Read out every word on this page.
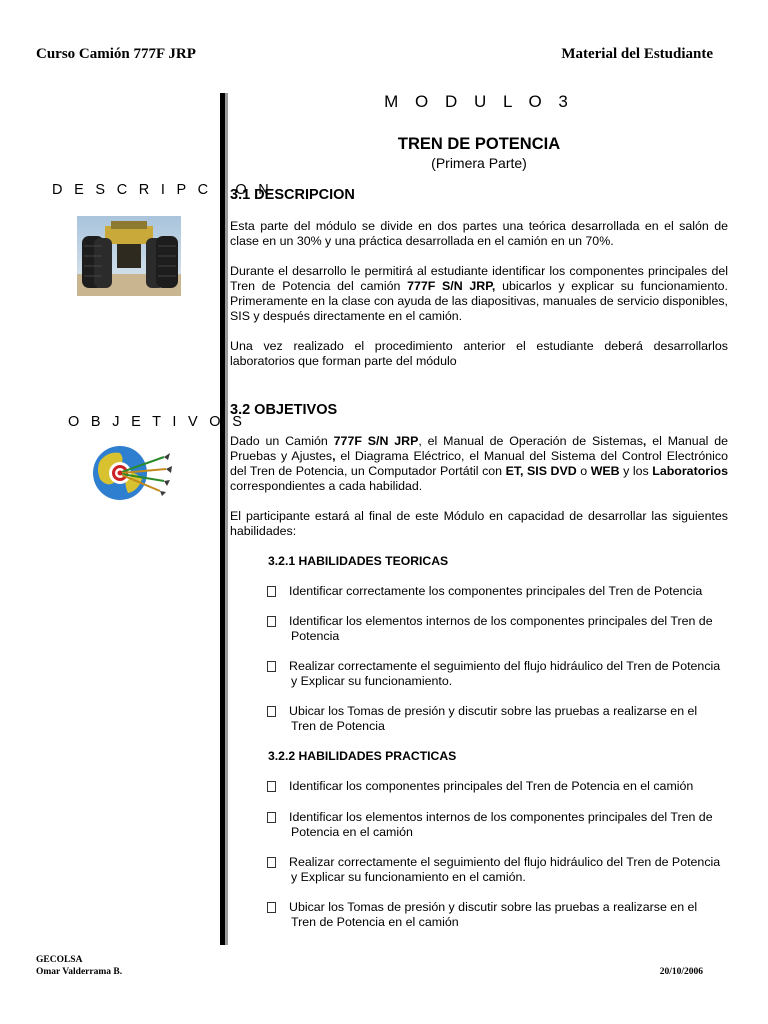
Curso Camión 777F JRP	Material del Estudiante
D E S C R I P C I O N
O B J E T I V O S
M O D U L O 3
TREN DE POTENCIA
(Primera Parte)
3.1 DESCRIPCION

Esta parte del módulo se divide en dos partes una teórica desarrollada en el salón de clase en un 30% y una práctica desarrollada en el camión en un 70%.

Durante el desarrollo le permitirá al estudiante identificar los componentes principales del Tren de Potencia del camión 777F S/N JRP, ubicarlos y explicar su funcionamiento. Primeramente en la clase con ayuda de las diapositivas, manuales de servicio disponibles, SIS y después directamente en el camión.

Una vez realizado el procedimiento anterior el estudiante deberá desarrollarlos laboratorios que forman parte del módulo

3.2 OBJETIVOS

Dado un Camión 777F S/N JRP, el Manual de Operación de Sistemas, el Manual de Pruebas y Ajustes, el Diagrama Eléctrico, el Manual del Sistema del Control Electrónico del Tren de Potencia, un Computador Portátil con ET, SIS DVD o WEB y los Laboratorios correspondientes a cada habilidad.

El participante estará al final de este Módulo en capacidad de desarrollar las siguientes habilidades:

3.2.1 HABILIDADES TEORICAS
Identificar correctamente los componentes principales del Tren de Potencia
Identificar los elementos internos de los componentes principales del Tren de
Potencia
Realizar correctamente el seguimiento del flujo hidráulico del Tren de Potencia
y Explicar su funcionamiento.
Ubicar los Tomas de presión y discutir sobre las pruebas a realizarse en el
Tren de Potencia
3.2.2 HABILIDADES PRACTICAS
Identificar los componentes principales del Tren de Potencia en el camión
Identificar los elementos internos de los componentes principales del Tren de
Potencia en el camión
Realizar correctamente el seguimiento del flujo hidráulico del Tren de Potencia
y Explicar su funcionamiento en el camión.
Ubicar los Tomas de presión y discutir sobre las pruebas a realizarse en el
Tren de Potencia en el camión
GECOLSA
Omar Valderrama B.	20/10/2006
